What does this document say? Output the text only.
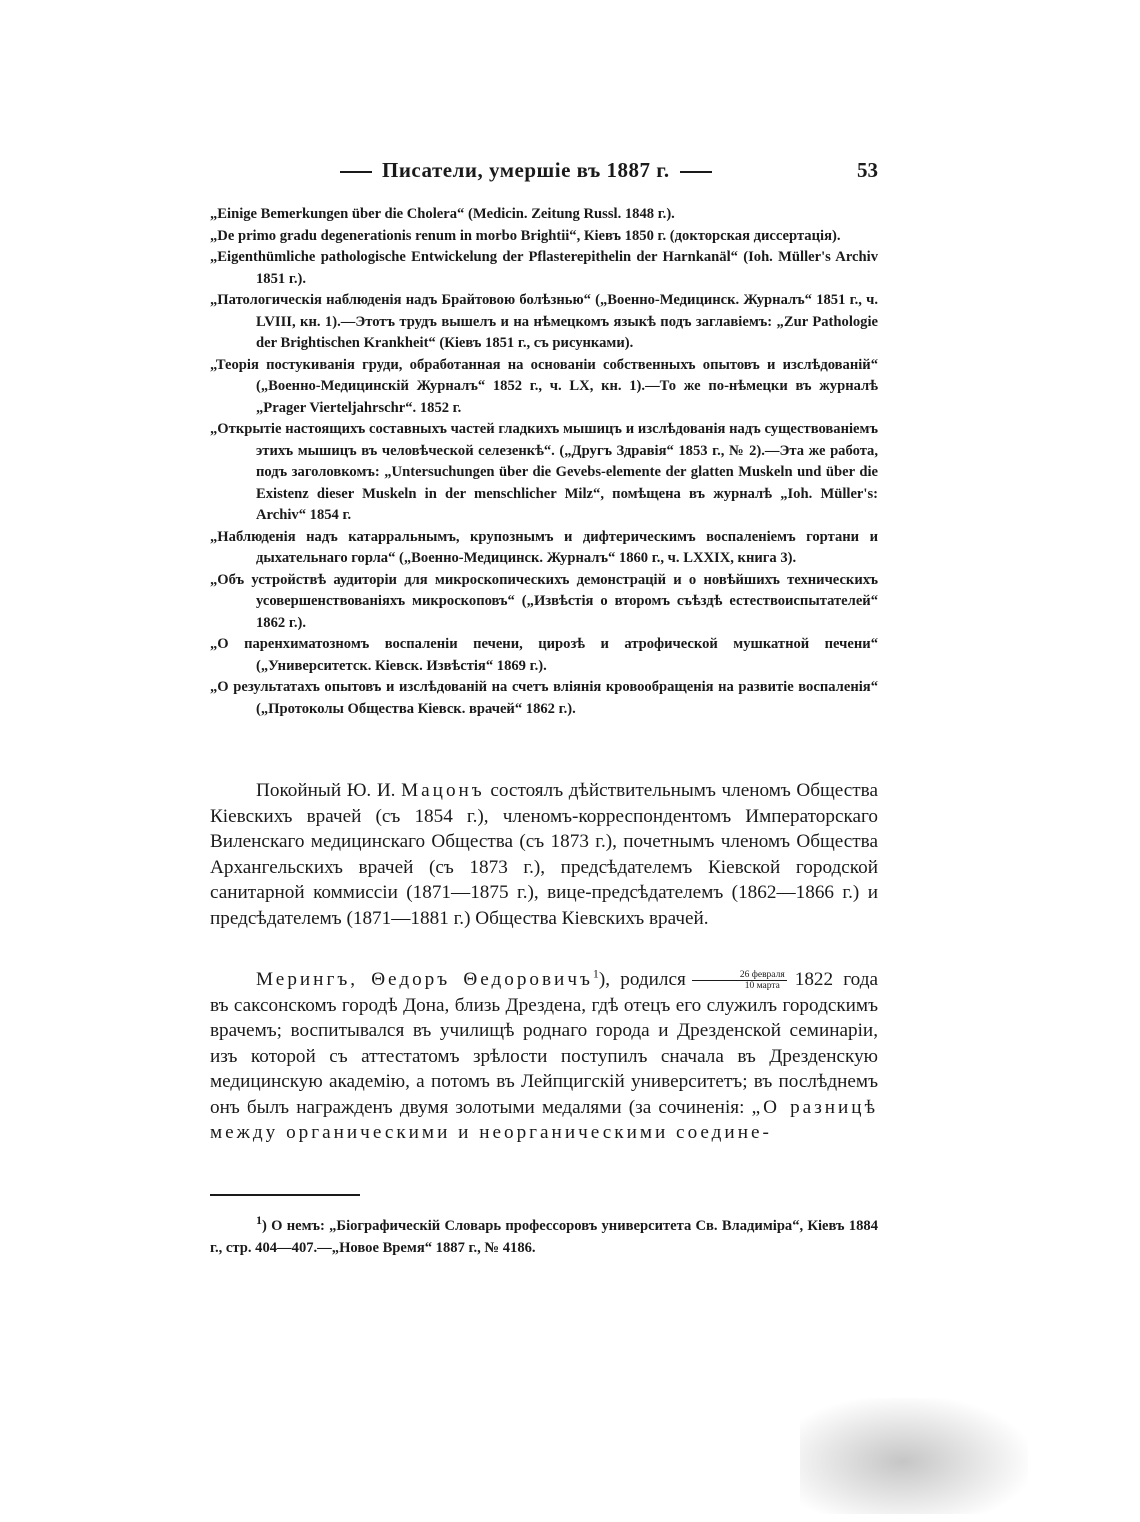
Писатели, умершіе въ 1887 г.	53
„Einige Bemerkungen über die Cholera“ (Medicin. Zeitung Russl. 1848 г.).
„De primo gradu degenerationis renum in morbo Brightii“, Кіевъ 1850 г. (докторская диссертація).
„Eigenthümliche pathologische Entwickelung der Pflasterepithelin der Harnkanäl“ (Ioh. Müller's Archiv 1851 г.).
„Патологическія наблюденія надъ Брайтовою болѣзнью“ („Военно-Медицинск. Журналъ“ 1851 г., ч. LVIII, кн. 1).—Этотъ трудъ вышелъ и на нѣмецкомъ языкѣ подъ заглавіемъ: „Zur Pathologie der Brightischen Krankheit“ (Кіевъ 1851 г., съ рисунками).
„Теорія постукиванія груди, обработанная на основаніи собственныхъ опытовъ и изслѣдованій“ („Военно-Медицинскій Журналъ“ 1852 г., ч. LX, кн. 1).—То же по-нѣмецки въ журналѣ „Prager Vierteljahrschr“. 1852 г.
„Открытіе настоящихъ составныхъ частей гладкихъ мышицъ и изслѣдованія надъ существованіемъ этихъ мышицъ въ человѣческой селезенкѣ“. („Другъ Здравія“ 1853 г., № 2).—Эта же работа, подъ заголовкомъ: „Untersuchungen über die Gevebs-elemente der glatten Muskeln und über die Existenz dieser Muskeln in der menschlicher Milz“, помѣщена въ журналѣ „Ioh. Müller's: Archiv“ 1854 г.
„Наблюденія надъ катарральнымъ, крупознымъ и дифтерическимъ воспаленіемъ гортани и дыхательнаго горла“ („Военно-Медицинск. Журналъ“ 1860 г., ч. LXXIX, книга 3).
„Объ устройствѣ аудиторіи для микроскопическихъ демонстрацій и о новѣйшихъ техническихъ усовершенствованіяхъ микроскоповъ“ („Извѣстія о второмъ съѣздѣ естествоиспытателей“ 1862 г.).
„О паренхиматозномъ воспаленіи печени, цирозѣ и атрофической мушкатной печени“ („Университетск. Кіевск. Извѣстія“ 1869 г.).
„О результатахъ опытовъ и изслѣдованій на счетъ вліянія кровообращенія на развитіе воспаленія“ („Протоколы Общества Кіевск. врачей“ 1862 г.).
Покойный Ю. И. Мацонъ состоялъ дѣйствительнымъ членомъ Общества Кіевскихъ врачей (съ 1854 г.), членомъ-корреспондентомъ Императорскаго Виленскаго медицинскаго Общества (съ 1873 г.), почетнымъ членомъ Общества Архангельскихъ врачей (съ 1873 г.), предсѣдателемъ Кіевской городской санитарной коммиссіи (1871—1875 г.), вице-предсѣдателемъ (1862—1866 г.) и предсѣдателемъ (1871—1881 г.) Общества Кіевскихъ врачей.
Мерингъ, Θедоръ Θедоровичъ$^1$), родился $\frac{\text{26 февраля}}{\text{10 марта}} 1822$ года въ саксонскомъ городѣ Дона, близь Дрездена, гдѣ отецъ его служилъ городскимъ врачемъ; воспитывался въ училищѣ роднаго города и Дрезденской семинаріи, изъ которой съ аттестатомъ зрѣлости поступилъ сначала въ Дрезденскую медицинскую академію, а потомъ въ Лейпцигскій университетъ; въ послѣднемъ онъ былъ награжденъ двумя золотыми медалями (за сочиненія: „О разницѣ между органическими и неорганическими соедине-
$^1$) О немъ: „Біографическій Словарь профессоровъ университета Св. Владиміра“, Кіевъ 1884 г., стр. 404—407.—„Новое Время“ 1887 г., № 4186.
